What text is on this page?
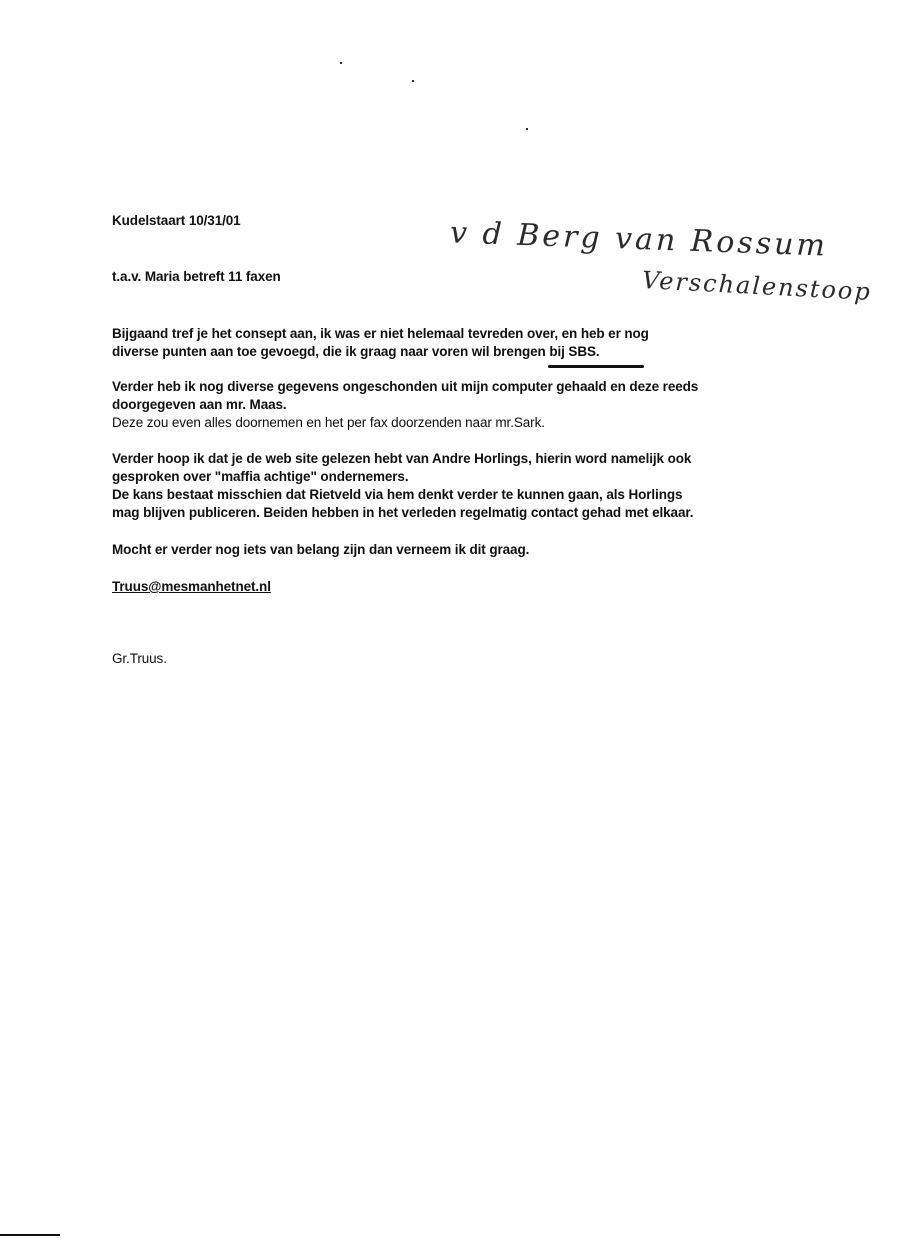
Kudelstaart 10/31/01	v d Berg van Rossum
Verschalenstoop
t.a.v. Maria betreft 11 faxen
Bijgaand tref je het consept aan, ik was er niet helemaal tevreden over, en heb er nog
diverse punten aan toe gevoegd, die ik graag naar voren wil brengen bij SBS.
Verder heb ik nog diverse gegevens ongeschonden uit mijn computer gehaald en deze reeds
doorgegeven aan mr. Maas.
Deze zou even alles doornemen en het per fax doorzenden naar mr.Sark.
Verder hoop ik dat je de web site gelezen hebt van Andre Horlings, hierin word namelijk ook
gesproken over "maffia achtige" ondernemers.
De kans bestaat misschien dat Rietveld via hem denkt verder te kunnen gaan, als Horlings
mag blijven publiceren. Beiden hebben in het verleden regelmatig contact gehad met elkaar.
Mocht er verder nog iets van belang zijn dan verneem ik dit graag.
Truus@mesmanhetnet.nl
Gr.Truus.
